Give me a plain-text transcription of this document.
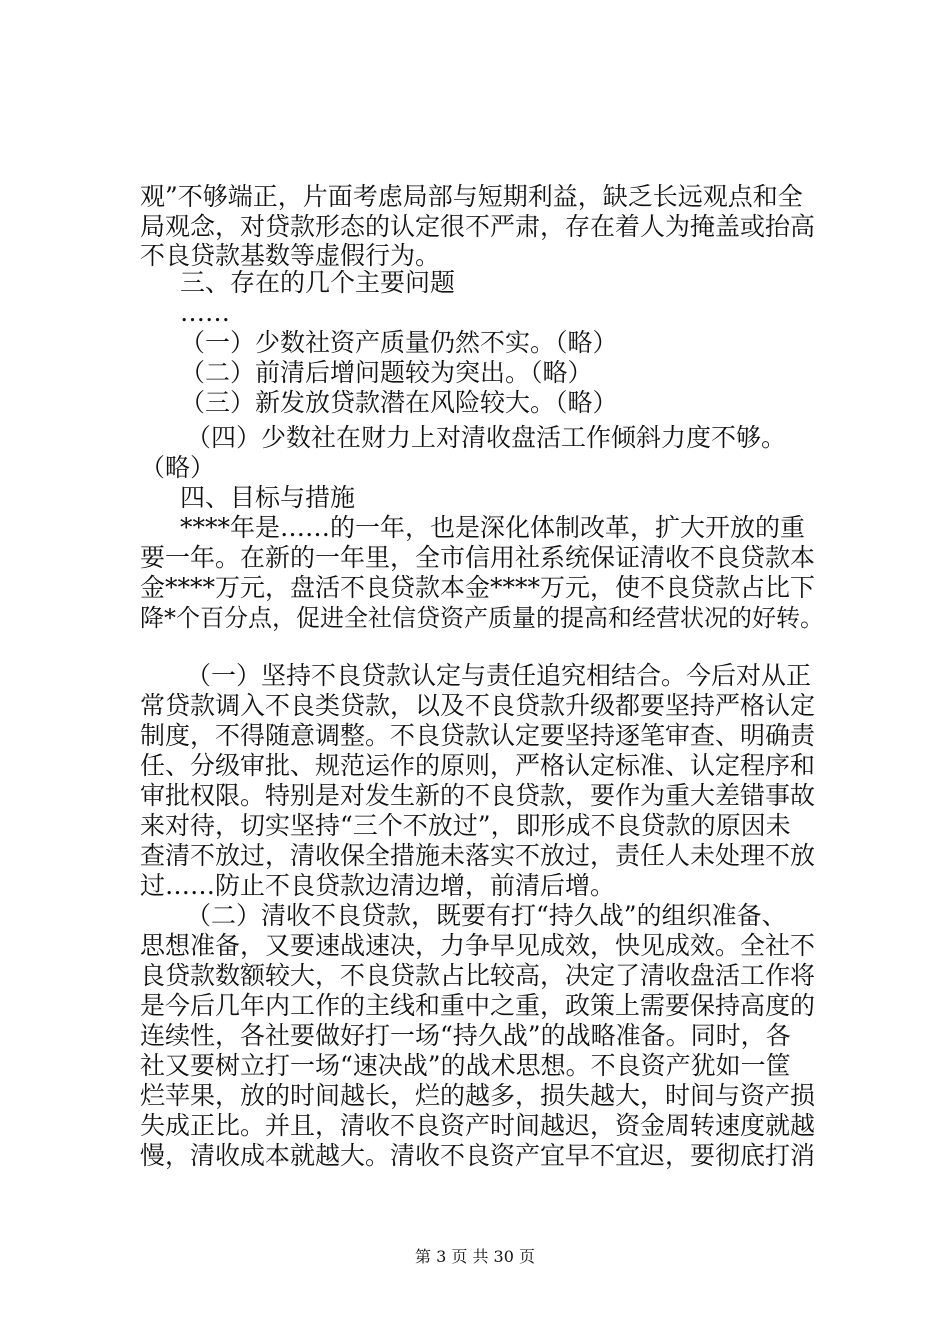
观”不够端正，片面考虑局部与短期利益，缺乏长远观点和全
局观念，对贷款形态的认定很不严肃，存在着人为掩盖或抬高
不良贷款基数等虚假行为。
三、存在的几个主要问题
……
（一）少数社资产质量仍然不实。（略）
（二）前清后增问题较为突出。（略）
（三）新发放贷款潜在风险较大。（略）
（四）少数社在财力上对清收盘活工作倾斜力度不够。
（略）
四、目标与措施
****年是……的一年，也是深化体制改革，扩大开放的重
要一年。在新的一年里，全市信用社系统保证清收不良贷款本
金****万元，盘活不良贷款本金****万元，使不良贷款占比下
降*个百分点，促进全社信贷资产质量的提高和经营状况的好转。
（一）坚持不良贷款认定与责任追究相结合。今后对从正
常贷款调入不良类贷款，以及不良贷款升级都要坚持严格认定
制度，不得随意调整。不良贷款认定要坚持逐笔审查、明确责
任、分级审批、规范运作的原则，严格认定标准、认定程序和
审批权限。特别是对发生新的不良贷款，要作为重大差错事故
来对待，切实坚持“三个不放过”，即形成不良贷款的原因未
查清不放过，清收保全措施未落实不放过，责任人未处理不放
过……防止不良贷款边清边增，前清后增。
（二）清收不良贷款，既要有打“持久战”的组织准备、
思想准备，又要速战速决，力争早见成效，快见成效。全社不
良贷款数额较大，不良贷款占比较高，决定了清收盘活工作将
是今后几年内工作的主线和重中之重，政策上需要保持高度的
连续性，各社要做好打一场“持久战”的战略准备。同时，各
社又要树立打一场“速决战”的战术思想。不良资产犹如一筐
烂苹果，放的时间越长，烂的越多，损失越大，时间与资产损
失成正比。并且，清收不良资产时间越迟，资金周转速度就越
慢，清收成本就越大。清收不良资产宜早不宜迟，要彻底打消
第 3 页 共 30 页
